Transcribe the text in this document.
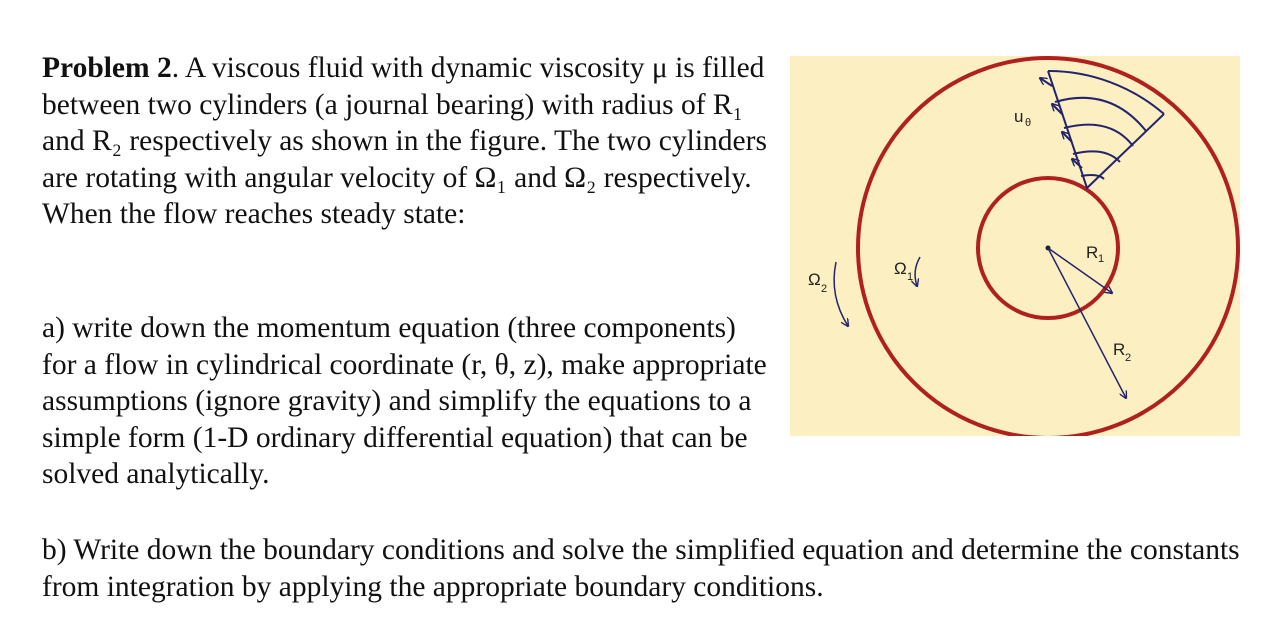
Problem 2. A viscous fluid with dynamic viscosity μ is filled between two cylinders (a journal bearing) with radius of R₁ and R₂ respectively as shown in the figure. The two cylinders are rotating with angular velocity of Ω₁ and Ω₂ respectively. When the flow reaches steady state:
a) write down the momentum equation (three components) for a flow in cylindrical coordinate (r, θ, z), make appropriate assumptions (ignore gravity) and simplify the equations to a simple form (1-D ordinary differential equation) that can be solved analytically.
b) Write down the boundary conditions and solve the simplified equation and determine the constants from integration by applying the appropriate boundary conditions.
u θ
R 1
R 2
Ω 1
Ω 2
